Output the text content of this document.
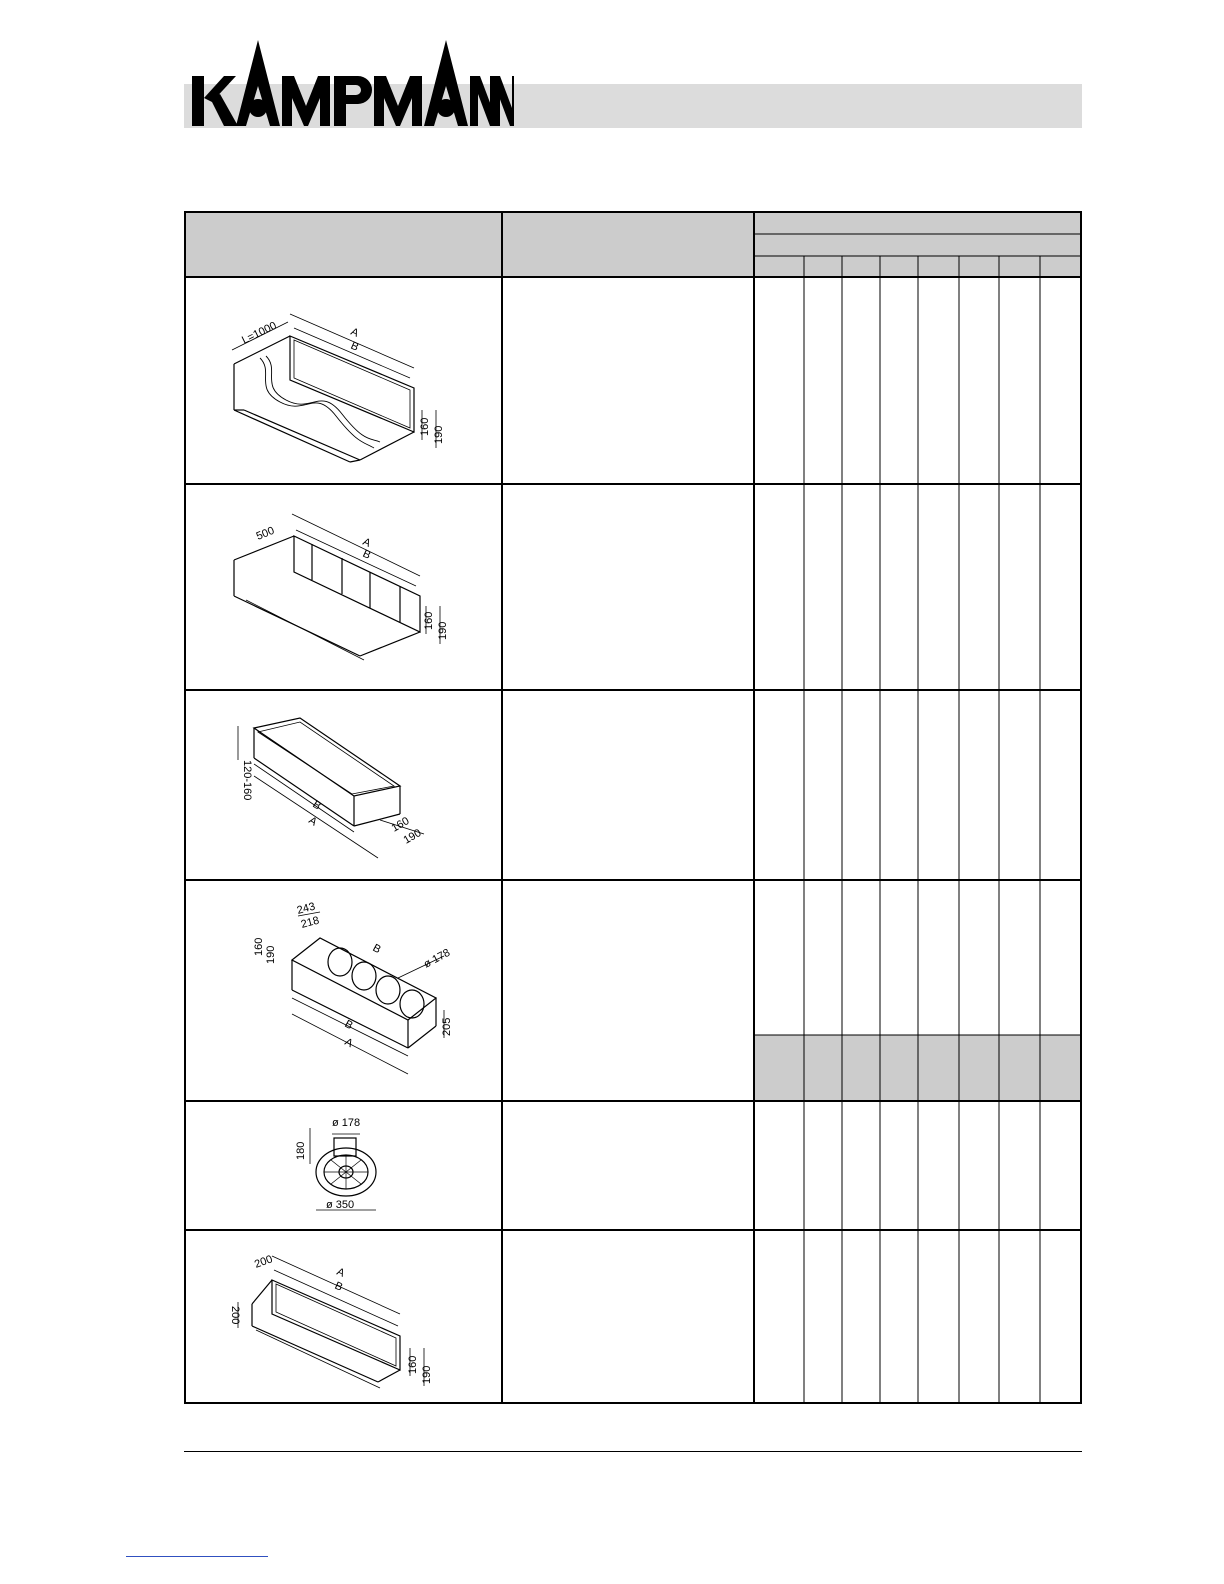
L=1000	A
B
160 190
500
A
B
160
190
120-160
B
A	160
190
243
218
B	ø 178
160 190
205
B
A
ø 178
180
ø 350
200
A
B
200
160
190
